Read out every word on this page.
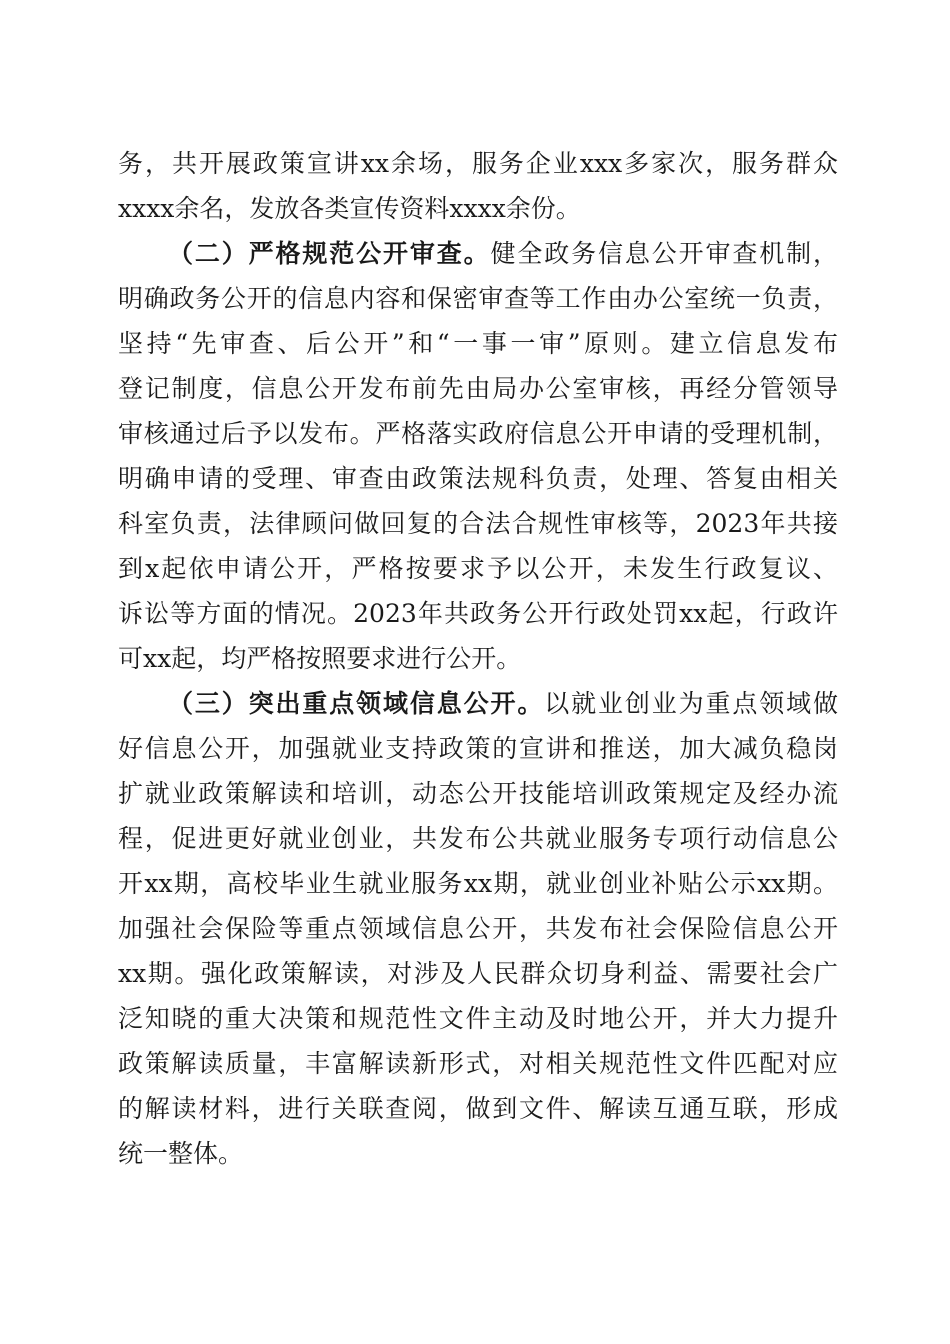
务，共开展政策宣讲xx余场，服务企业xxx多家次，服务群众
xxxx余名，发放各类宣传资料xxxx余份。
（二）严格规范公开审查。健全政务信息公开审查机制，
明确政务公开的信息内容和保密审查等工作由办公室统一负责，
坚持“先审查、后公开”和“一事一审”原则。建立信息发布
登记制度，信息公开发布前先由局办公室审核，再经分管领导
审核通过后予以发布。严格落实政府信息公开申请的受理机制，
明确申请的受理、审查由政策法规科负责，处理、答复由相关
科室负责，法律顾问做回复的合法合规性审核等，2023年共接
到x起依申请公开，严格按要求予以公开，未发生行政复议、
诉讼等方面的情况。2023年共政务公开行政处罚xx起，行政许
可xx起，均严格按照要求进行公开。
（三）突出重点领域信息公开。以就业创业为重点领域做
好信息公开，加强就业支持政策的宣讲和推送，加大减负稳岗
扩就业政策解读和培训，动态公开技能培训政策规定及经办流
程，促进更好就业创业，共发布公共就业服务专项行动信息公
开xx期，高校毕业生就业服务xx期，就业创业补贴公示xx期。
加强社会保险等重点领域信息公开，共发布社会保险信息公开
xx期。强化政策解读，对涉及人民群众切身利益、需要社会广
泛知晓的重大决策和规范性文件主动及时地公开，并大力提升
政策解读质量，丰富解读新形式，对相关规范性文件匹配对应
的解读材料，进行关联查阅，做到文件、解读互通互联，形成
统一整体。
